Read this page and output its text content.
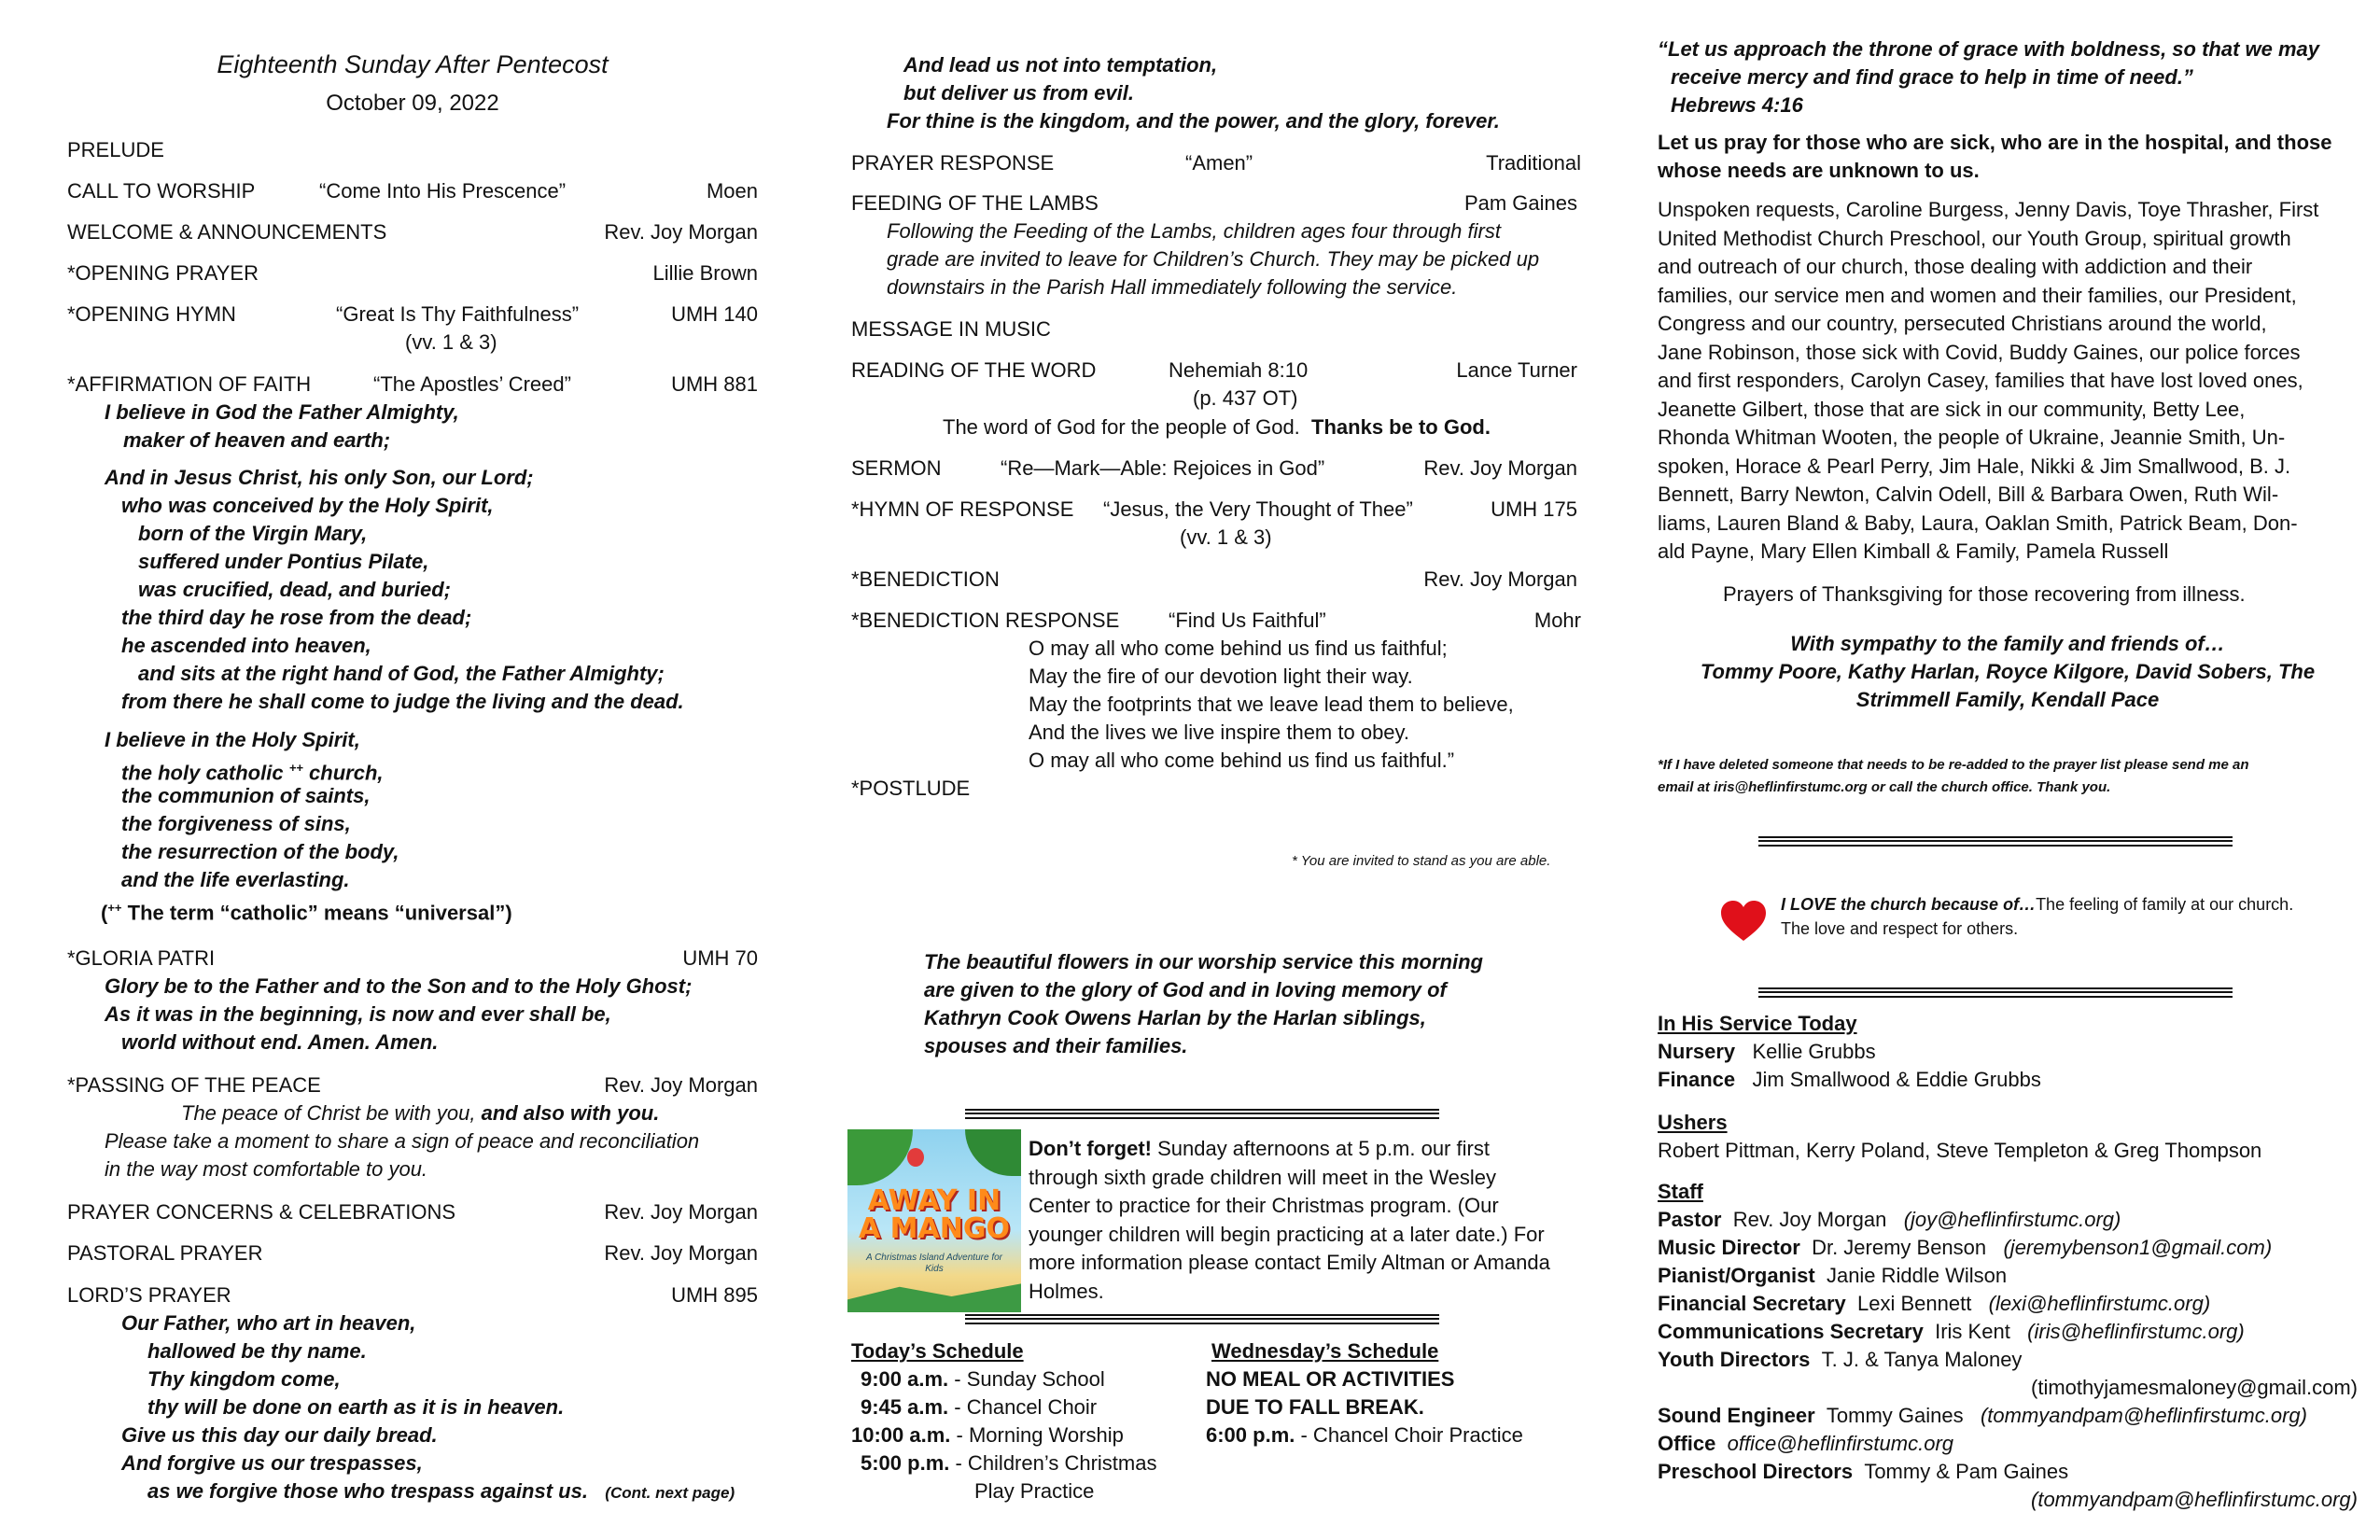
Eighteenth Sunday After Pentecost
October 09, 2022
PRELUDE
CALL TO WORSHIP	“Come Into His Prescence”	Moen
WELCOME & ANNOUNCEMENTS	Rev. Joy Morgan
*OPENING PRAYER	Lillie Brown
*OPENING HYMN	“Great Is Thy Faithfulness”	UMH 140
(vv. 1 & 3)
*AFFIRMATION OF FAITH	“The Apostles’ Creed”	UMH 881
I believe in God the Father Almighty,
maker of heaven and earth;
And in Jesus Christ, his only Son, our Lord;
who was conceived by the Holy Spirit,
born of the Virgin Mary,
suffered under Pontius Pilate,
was crucified, dead, and buried;
the third day he rose from the dead;
he ascended into heaven,
and sits at the right hand of God, the Father Almighty;
from there he shall come to judge the living and the dead.
I believe in the Holy Spirit,
the holy catholic ++ church,
the communion of saints,
the forgiveness of sins,
the resurrection of the body,
and the life everlasting.
(++ The term “catholic” means “universal”)
*GLORIA PATRI	UMH 70
Glory be to the Father and to the Son and to the Holy Ghost;
As it was in the beginning, is now and ever shall be,
world without end. Amen. Amen.
*PASSING OF THE PEACE	Rev. Joy Morgan
The peace of Christ be with you, and also with you.
Please take a moment to share a sign of peace and reconciliation
in the way most comfortable to you.
PRAYER CONCERNS & CELEBRATIONS	Rev. Joy Morgan
PASTORAL PRAYER	Rev. Joy Morgan
LORD’S PRAYER	UMH 895
Our Father, who art in heaven,
hallowed be thy name.
Thy kingdom come,
thy will be done on earth as it is in heaven.
Give us this day our daily bread.
And forgive us our trespasses,
as we forgive those who trespass against us. (Cont. next page)
And lead us not into temptation,
but deliver us from evil.
For thine is the kingdom, and the power, and the glory, forever.
PRAYER RESPONSE	“Amen”	Traditional
FEEDING OF THE LAMBS	Pam Gaines
Following the Feeding of the Lambs, children ages four through first
grade are invited to leave for Children’s Church. They may be picked up
downstairs in the Parish Hall immediately following the service.
MESSAGE IN MUSIC
READING OF THE WORD	Nehemiah 8:10	Lance Turner
(p. 437 OT)
The word of God for the people of God. Thanks be to God.
SERMON	“Re—Mark—Able: Rejoices in God”	Rev. Joy Morgan
*HYMN OF RESPONSE “Jesus, the Very Thought of Thee”	UMH 175
(vv. 1 & 3)
*BENEDICTION	Rev. Joy Morgan
*BENEDICTION RESPONSE “Find Us Faithful”	Mohr
O may all who come behind us find us faithful;
May the fire of our devotion light their way.
May the footprints that we leave lead them to believe,
And the lives we live inspire them to obey.
O may all who come behind us find us faithful.”
*POSTLUDE
* You are invited to stand as you are able.
The beautiful flowers in our worship service this morning
are given to the glory of God and in loving memory of
Kathryn Cook Owens Harlan by the Harlan siblings,
spouses and their families.
AWAY IN A MANGO
A Christmas Island Adventure for Kids
Don’t forget! Sunday afternoons at 5 p.m. our first through sixth grade children will meet in the Wesley Center to practice for their Christmas program. (Our younger children will begin practicing at a later date.) For more information please contact Emily Altman or Amanda Holmes.
Today’s Schedule
9:00 a.m. - Sunday School
9:45 a.m. - Chancel Choir
10:00 a.m. - Morning Worship
5:00 p.m. - Children’s Christmas
Play Practice
Wednesday’s Schedule
NO MEAL OR ACTIVITIES
DUE TO FALL BREAK.
6:00 p.m. - Chancel Choir Practice
“Let us approach the throne of grace with boldness, so that we may
receive mercy and find grace to help in time of need.”
Hebrews 4:16
Let us pray for those who are sick, who are in the hospital, and those
whose needs are unknown to us.
Unspoken requests, Caroline Burgess, Jenny Davis, Toye Thrasher, First
United Methodist Church Preschool, our Youth Group, spiritual growth
and outreach of our church, those dealing with addiction and their
families, our service men and women and their families, our President,
Congress and our country, persecuted Christians around the world,
Jane Robinson, those sick with Covid, Buddy Gaines, our police forces
and first responders, Carolyn Casey, families that have lost loved ones,
Jeanette Gilbert, those that are sick in our community, Betty Lee,
Rhonda Whitman Wooten, the people of Ukraine, Jeannie Smith, Un-
spoken, Horace & Pearl Perry, Jim Hale, Nikki & Jim Smallwood, B. J.
Bennett, Barry Newton, Calvin Odell, Bill & Barbara Owen, Ruth Wil-
liams, Lauren Bland & Baby, Laura, Oaklan Smith, Patrick Beam, Don-
ald Payne, Mary Ellen Kimball & Family, Pamela Russell
Prayers of Thanksgiving for those recovering from illness.
With sympathy to the family and friends of…
Tommy Poore, Kathy Harlan, Royce Kilgore, David Sobers, The
Strimmell Family, Kendall Pace
*If I have deleted someone that needs to be re-added to the prayer list please send me an
email at iris@heflinfirstumc.org or call the church office. Thank you.
I LOVE the church because of…The feeling of family at our church.
The love and respect for others.
In His Service Today
Nursery Kellie Grubbs
Finance Jim Smallwood & Eddie Grubbs
Ushers
Robert Pittman, Kerry Poland, Steve Templeton & Greg Thompson
Staff
Pastor Rev. Joy Morgan (joy@heflinfirstumc.org)
Music Director Dr. Jeremy Benson (jeremybenson1@gmail.com)
Pianist/Organist Janie Riddle Wilson
Financial Secretary Lexi Bennett (lexi@heflinfirstumc.org)
Communications Secretary Iris Kent (iris@heflinfirstumc.org)
Youth Directors T. J. & Tanya Maloney
(timothyjamesmaloney@gmail.com)
Sound Engineer Tommy Gaines (tommyandpam@heflinfirstumc.org)
Office office@heflinfirstumc.org
Preschool Directors Tommy & Pam Gaines
(tommyandpam@heflinfirstumc.org)
